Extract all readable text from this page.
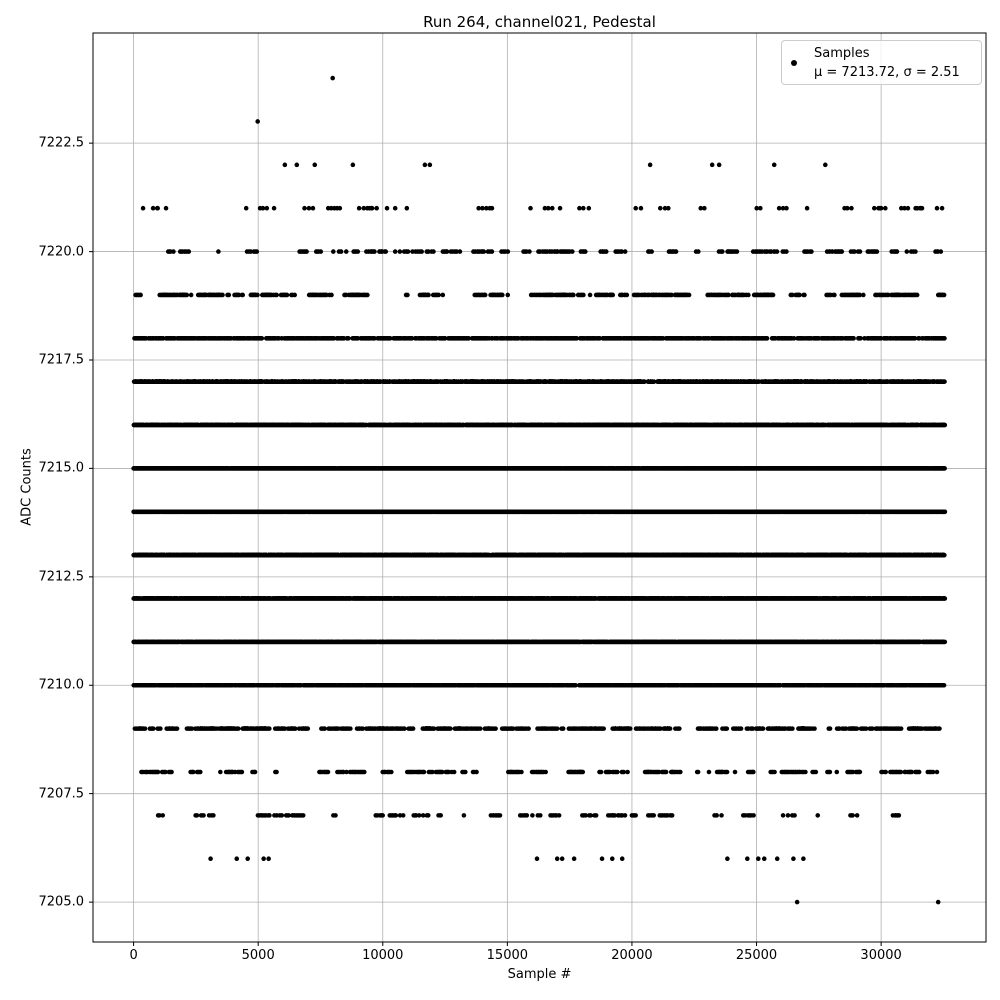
Run 264, channel021, Pedestal
Sample #
ADC Counts
0	5000	10000	15000	20000	25000	30000
7205.0
7207.5
7210.0
7212.5
7215.0
7217.5
7220.0
7222.5
Samples
μ = 7213.72, σ = 2.51
